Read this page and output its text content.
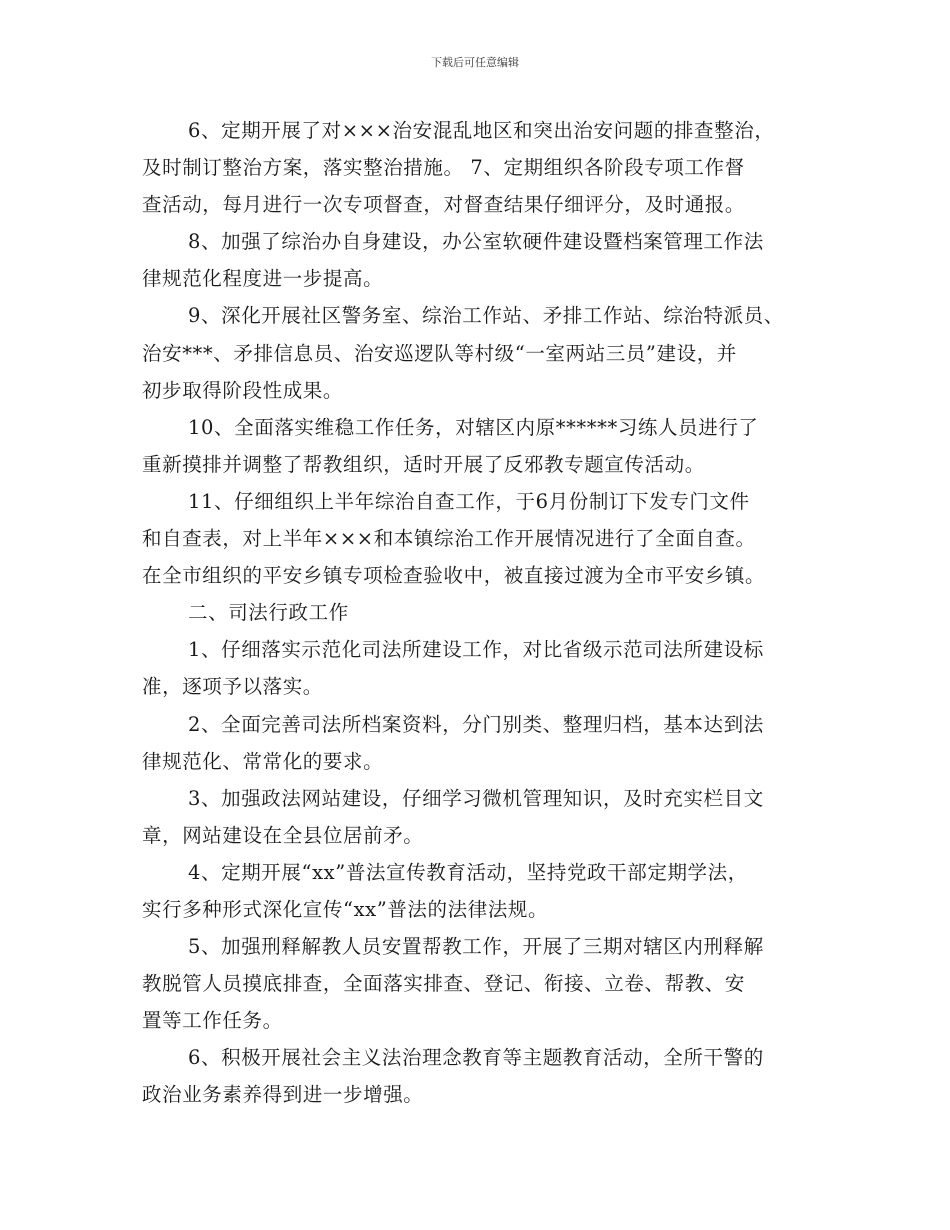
下载后可任意编辑
6、定期开展了对×××治安混乱地区和突出治安问题的排查整治，
及时制订整治方案，落实整治措施。 7、定期组织各阶段专项工作督
查活动，每月进行一次专项督查，对督查结果仔细评分，及时通报。
8、加强了综治办自身建设，办公室软硬件建设暨档案管理工作法
律规范化程度进一步提高。
9、深化开展社区警务室、综治工作站、矛排工作站、综治特派员、
治安***、矛排信息员、治安巡逻队等村级“一室两站三员”建设，并
初步取得阶段性成果。
10、全面落实维稳工作任务，对辖区内原******习练人员进行了
重新摸排并调整了帮教组织，适时开展了反邪教专题宣传活动。
11、仔细组织上半年综治自查工作，于6月份制订下发专门文件
和自查表，对上半年×××和本镇综治工作开展情况进行了全面自查。
在全市组织的平安乡镇专项检查验收中，被直接过渡为全市平安乡镇。
二、司法行政工作
1、仔细落实示范化司法所建设工作，对比省级示范司法所建设标
准，逐项予以落实。
2、全面完善司法所档案资料，分门别类、整理归档，基本达到法
律规范化、常常化的要求。
3、加强政法网站建设，仔细学习微机管理知识，及时充实栏目文
章，网站建设在全县位居前矛。
4、定期开展“xx”普法宣传教育活动，坚持党政干部定期学法，
实行多种形式深化宣传“xx”普法的法律法规。
5、加强刑释解教人员安置帮教工作，开展了三期对辖区内刑释解
教脱管人员摸底排查，全面落实排查、登记、衔接、立卷、帮教、安
置等工作任务。
6、积极开展社会主义法治理念教育等主题教育活动，全所干警的
政治业务素养得到进一步增强。
